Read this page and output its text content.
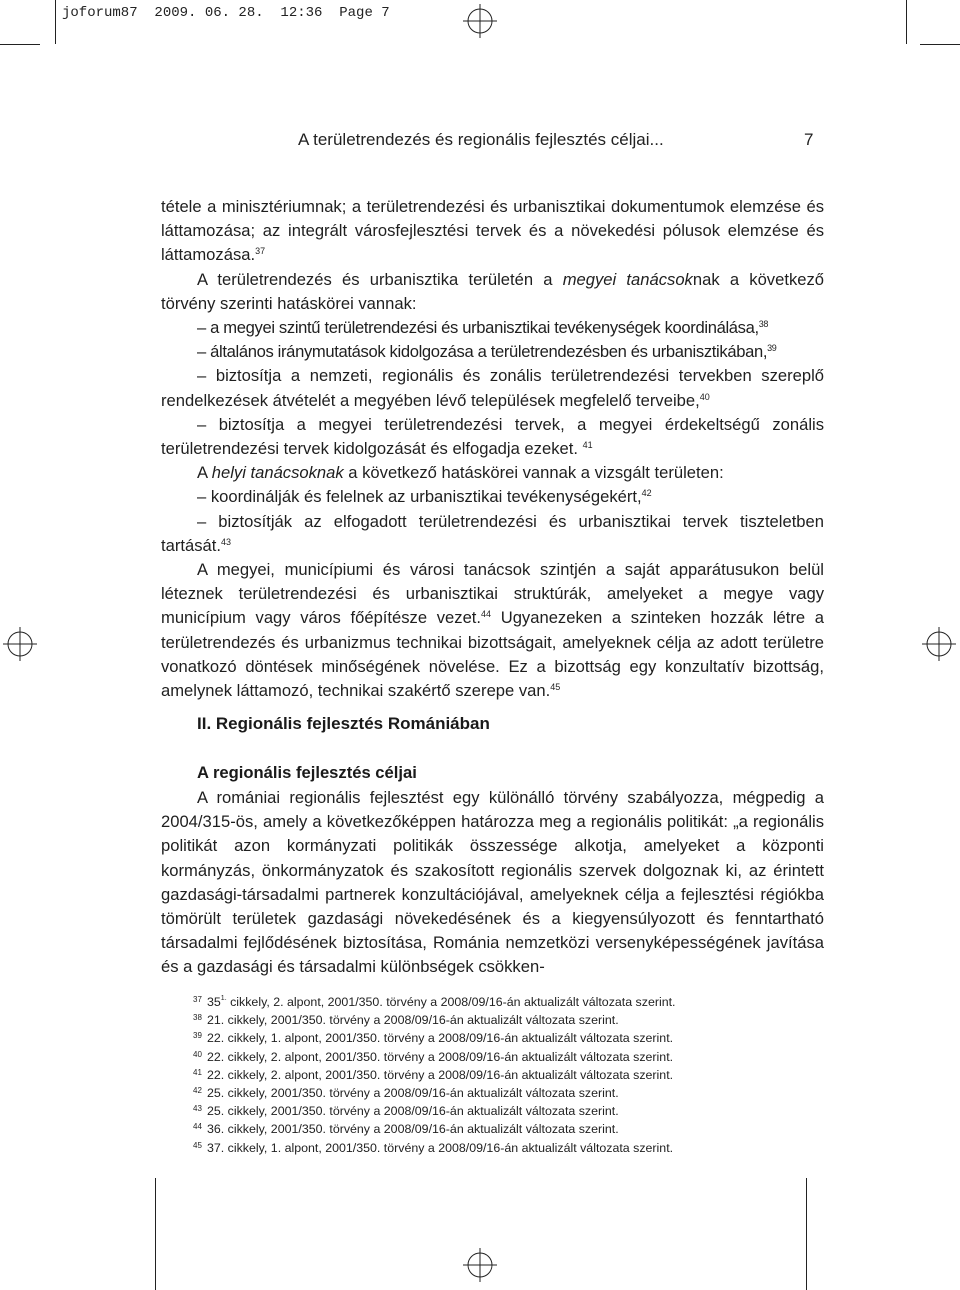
joforum87  2009. 06. 28.  12:36  Page 7
A területrendezés és regionális fejlesztés céljai...	7

tétele a minisztériumnak; a területrendezési és urbanisztikai dokumentumok elemzése és láttamozása; az integrált városfejlesztési tervek és a növekedési pólusok elemzése és láttamozása.$^{37}$

A területrendezés és urbanisztika területén a megyei tanácsoknak a következő törvény szerinti hatáskörei vannak:

– a megyei szintű területrendezési és urbanisztikai tevékenységek koordinálása,$^{38}$

– általános iránymutatások kidolgozása a területrendezésben és urbanisztikában,$^{39}$

– biztosítja a nemzeti, regionális és zonális területrendezési tervekben szereplő rendelkezések átvételét a megyében lévő települések megfelelő terveibe,$^{40}$

– biztosítja a megyei területrendezési tervek, a megyei érdekeltségű zonális területrendezési tervek kidolgozását és elfogadja ezeket. $^{41}$

A helyi tanácsoknak a következő hatáskörei vannak a vizsgált területen:

– koordinálják és felelnek az urbanisztikai tevékenységekért,$^{42}$

– biztosítják az elfogadott területrendezési és urbanisztikai tervek tiszteletben tartását.$^{43}$

A megyei, municípiumi és városi tanácsok szintjén a saját apparátusukon belül léteznek területrendezési és urbanisztikai struktúrák, amelyeket a megye vagy municípium vagy város főépítésze vezet.$^{44}$ Ugyanezeken a szinteken hozzák létre a területrendezés és urbanizmus technikai bizottságait, amelyeknek célja az adott területre vonatkozó döntések minőségének növelése. Ez a bizottság egy konzultatív bizottság, amelynek láttamozó, technikai szakértő szerepe van.$^{45}$

II. Regionális fejlesztés Romániában
A regionális fejlesztés céljai

A romániai regionális fejlesztést egy különálló törvény szabályozza, mégpedig a 2004/315-ös, amely a következőképpen határozza meg a regionális politikát: „a regionális politikát azon kormányzati politikák összessége alkotja, amelyeket a központi kormányzás, önkormányzatok és szakosított regionális szervek dolgoznak ki, az érintett gazdasági-társadalmi partnerek konzultációjával, amelyeknek célja a fejlesztési régiókba tömörült területek gazdasági növekedésének és a kiegyensúlyozott és fenntartható társadalmi fejlődésének biztosítása, Románia nemzetközi versenyképességének javítása és a gazdasági és társadalmi különbségek csökken-

37 $35^{1.}$ cikkely, 2. alpont, 2001/350. törvény a 2008/09/16-án aktualizált változata szerint.
38 21. cikkely, 2001/350. törvény a 2008/09/16-án aktualizált változata szerint.
39 22. cikkely, 1. alpont, 2001/350. törvény a 2008/09/16-án aktualizált változata szerint.
40 22. cikkely, 2. alpont, 2001/350. törvény a 2008/09/16-án aktualizált változata szerint.
41 22. cikkely, 2. alpont, 2001/350. törvény a 2008/09/16-án aktualizált változata szerint.
42 25. cikkely, 2001/350. törvény a 2008/09/16-án aktualizált változata szerint.
43 25. cikkely, 2001/350. törvény a 2008/09/16-án aktualizált változata szerint.
44 36. cikkely, 2001/350. törvény a 2008/09/16-án aktualizált változata szerint.
45 37. cikkely, 1. alpont, 2001/350. törvény a 2008/09/16-án aktualizált változata szerint.
